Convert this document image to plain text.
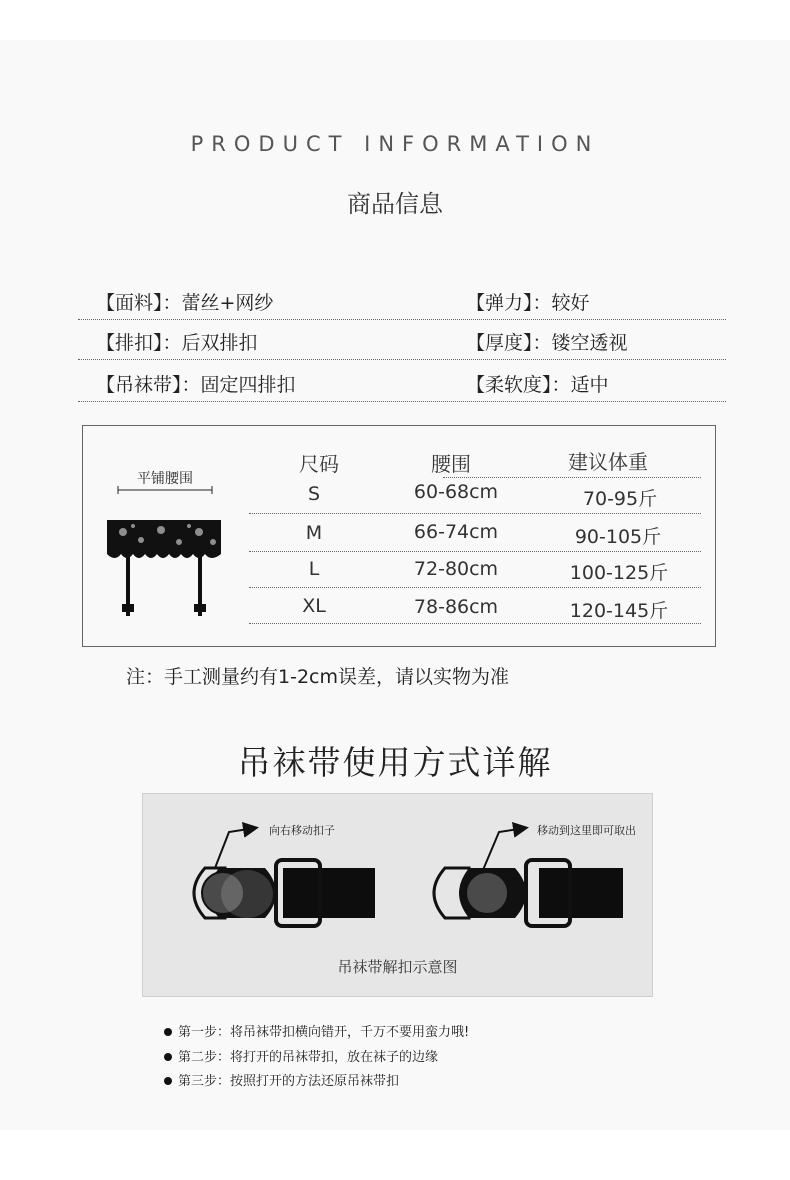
PRODUCT INFORMATION
商品信息
【面料】：蕾丝+网纱	【弹力】：较好
【排扣】：后双排扣	【厚度】：镂空透视
【吊袜带】：固定四排扣	【柔软度】：适中
平铺腰围
尺码	腰围	建议体重
S	60-68cm	70-95斤
M	66-74cm	90-105斤
L	72-80cm	100-125斤
XL	78-86cm	120-145斤
注：手工测量约有1-2cm误差，请以实物为准
吊袜带使用方式详解
向右移动扣子	移动到这里即可取出
吊袜带解扣示意图
第一步：将吊袜带扣横向错开，千万不要用蛮力哦!
第二步：将打开的吊袜带扣，放在袜子的边缘
第三步：按照打开的方法还原吊袜带扣
